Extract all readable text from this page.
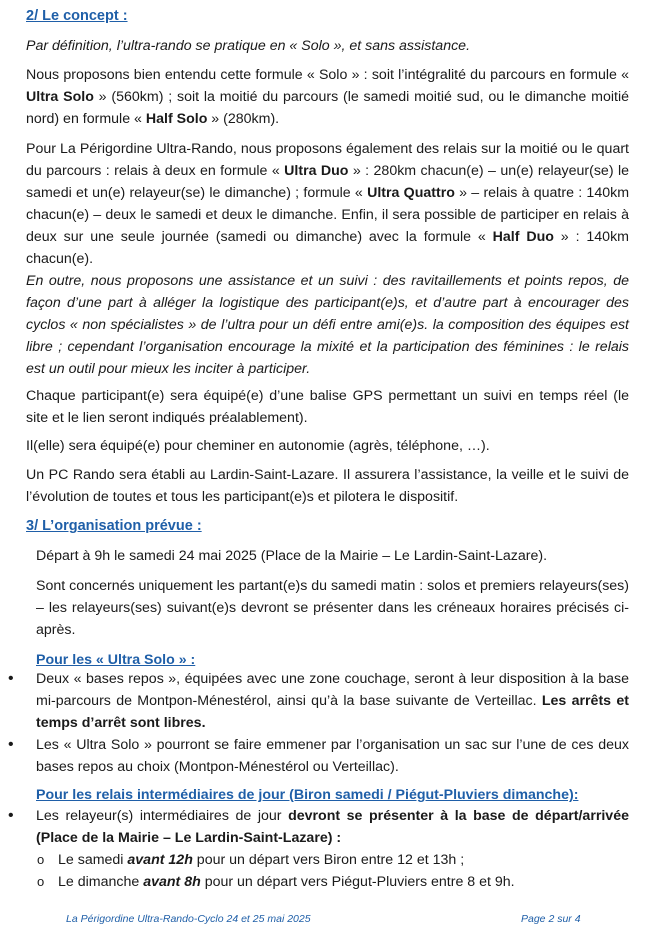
2/ Le concept :
Par définition, l’ultra-rando se pratique en « Solo », et sans assistance.
Nous proposons bien entendu cette formule « Solo » : soit l’intégralité du parcours en formule « Ultra Solo » (560km) ; soit la moitié du parcours (le samedi moitié sud, ou le dimanche moitié nord) en formule « Half Solo » (280km).
Pour La Périgordine Ultra-Rando, nous proposons également des relais sur la moitié ou le quart du parcours : relais à deux en formule « Ultra Duo » : 280km chacun(e) – un(e) relayeur(se) le samedi et un(e) relayeur(se) le dimanche) ; formule « Ultra Quattro » – relais à quatre : 140km chacun(e) – deux le samedi et deux le dimanche. Enfin, il sera possible de participer en relais à deux sur une seule journée (samedi ou dimanche) avec la formule « Half Duo » : 140km chacun(e).
En outre, nous proposons une assistance et un suivi : des ravitaillements et points repos, de façon d’une part à alléger la logistique des participant(e)s, et d’autre part à encourager des cyclos « non spécialistes » de l’ultra pour un défi entre ami(e)s. la composition des équipes est libre ; cependant l’organisation encourage la mixité et la participation des féminines : le relais est un outil pour mieux les inciter à participer.
Chaque participant(e) sera équipé(e) d’une balise GPS permettant un suivi en temps réel (le site et le lien seront indiqués préalablement).
Il(elle) sera équipé(e) pour cheminer en autonomie (agrès, téléphone, …).
Un PC Rando sera établi au Lardin-Saint-Lazare. Il assurera l’assistance, la veille et le suivi de l’évolution de toutes et tous les participant(e)s et pilotera le dispositif.
3/ L’organisation prévue :
Départ à 9h le samedi 24 mai 2025 (Place de la Mairie – Le Lardin-Saint-Lazare).
Sont concernés uniquement les partant(e)s du samedi matin : solos et premiers relayeurs(ses) – les relayeurs(ses) suivant(e)s devront se présenter dans les créneaux horaires précisés ci-après.
Pour les « Ultra Solo » :
• Deux « bases repos », équipées avec une zone couchage, seront à leur disposition à la base mi-parcours de Montpon-Ménestérol, ainsi qu’à la base suivante de Verteillac. Les arrêts et temps d’arrêt sont libres.
• Les « Ultra Solo » pourront se faire emmener par l’organisation un sac sur l’une de ces deux bases repos au choix (Montpon-Ménestérol ou Verteillac).
Pour les relais intermédiaires de jour (Biron samedi / Piégut-Pluviers dimanche):
• Les relayeur(s) intermédiaires de jour devront se présenter à la base de départ/arrivée (Place de la Mairie – Le Lardin-Saint-Lazare) :
o Le samedi avant 12h pour un départ vers Biron entre 12 et 13h ;
o Le dimanche avant 8h pour un départ vers Piégut-Pluviers entre 8 et 9h.
La Périgordine Ultra-Rando-Cyclo 24 et 25 mai 2025	Page 2 sur 4
